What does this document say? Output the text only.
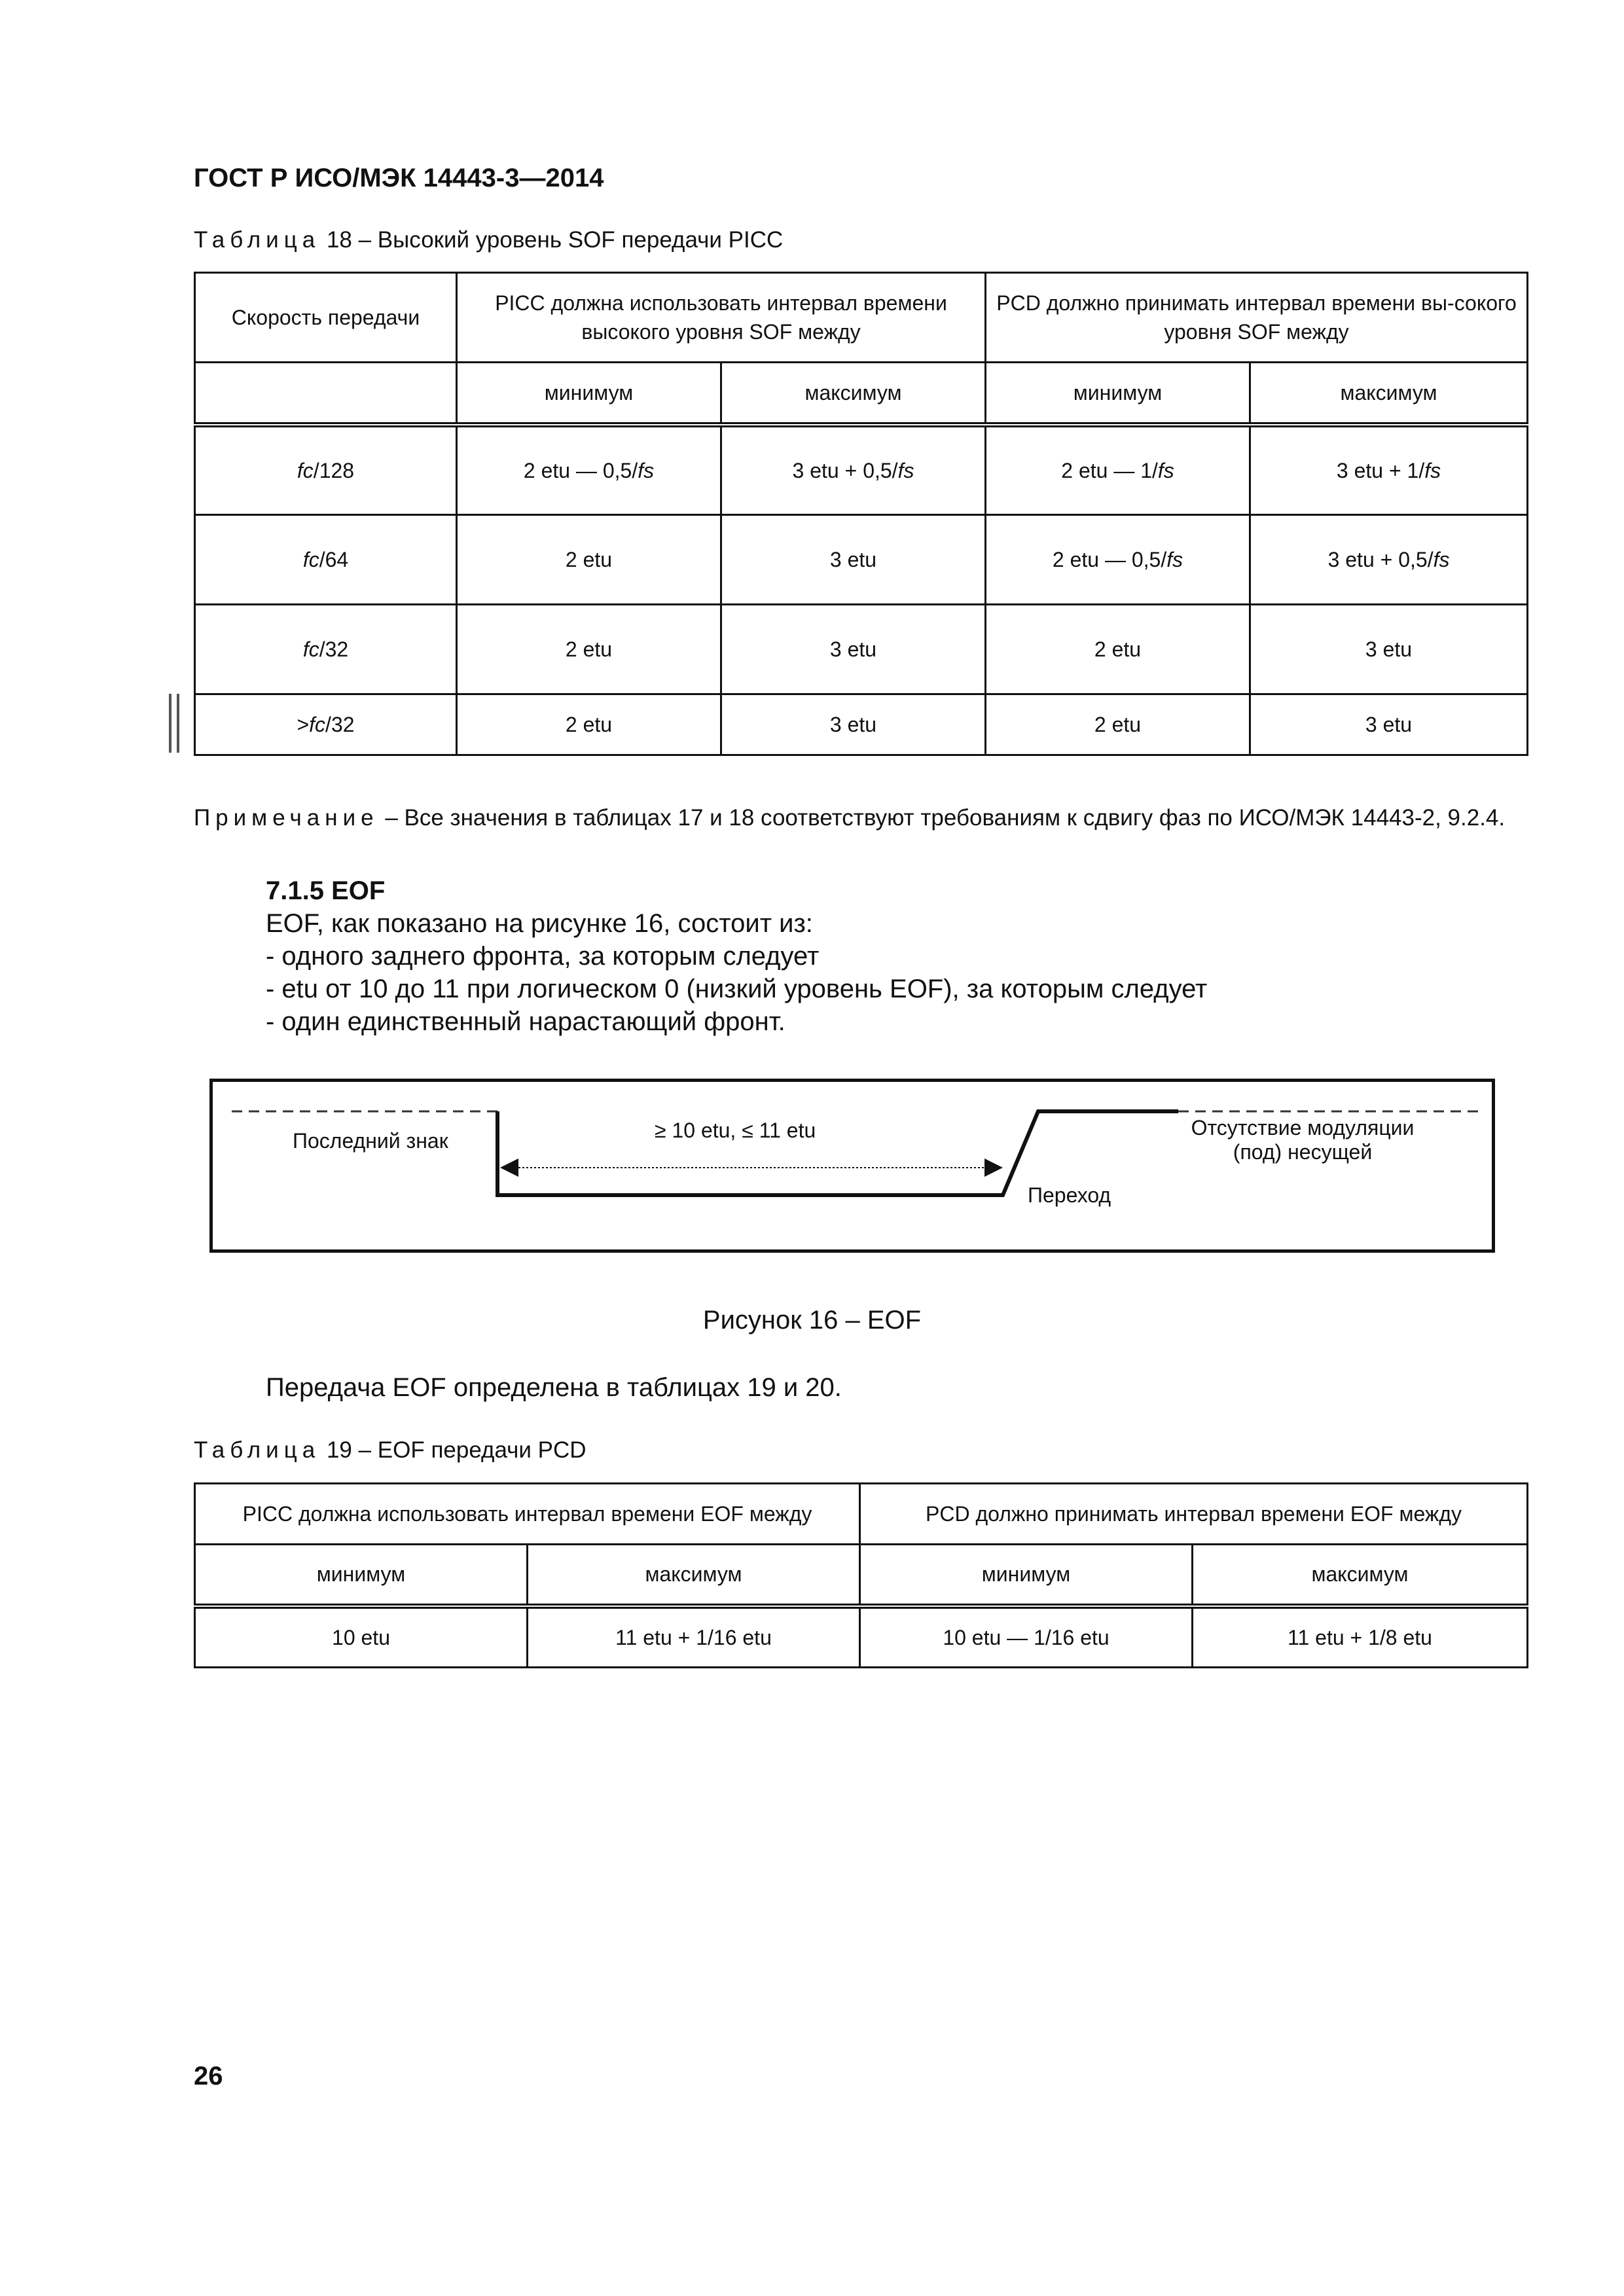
ГОСТ Р ИСО/МЭК 14443-3—2014
Таблица 18 – Высокий уровень SOF передачи PICC
Скорость передачи	PICC должна использовать интервал времени высокого уровня SOF между		PCD должно принимать интервал времени вы-сокого уровня SOF между	
	минимум	максимум	минимум	максимум
fc/128	2 etu — 0,5/fs	3 etu + 0,5/fs	2 etu — 1/fs	3 etu + 1/fs
fc/64	2 etu	3 etu	2 etu — 0,5/fs	3 etu + 0,5/fs
fc/32	2 etu	3 etu	2 etu	3 etu
>fc/32	2 etu	3 etu	2 etu	3 etu
Примечание – Все значения в таблицах 17 и 18 соответствуют требованиям к сдвигу фаз по ИСО/МЭК 14443-2, 9.2.4.
7.1.5 EOF
EOF, как показано на рисунке 16, состоит из:
- одного заднего фронта, за которым следует
- etu от 10 до 11 при логическом 0 (низкий уровень EOF), за которым следует
- один единственный нарастающий фронт.
Последний знак	≥ 10 etu, ≤ 11 etu	Отсутствие модуляции
(под) несущей
Переход
Рисунок 16 – EOF
Передача EOF определена в таблицах 19 и 20.
Таблица 19 – EOF передачи PCD
PICC должна использовать интервал времени EOF между		PCD должно принимать интервал времени EOF между	
минимум	максимум	минимум	максимум
10 etu	11 etu + 1/16 etu	10 etu — 1/16 etu	11 etu + 1/8 etu
26
